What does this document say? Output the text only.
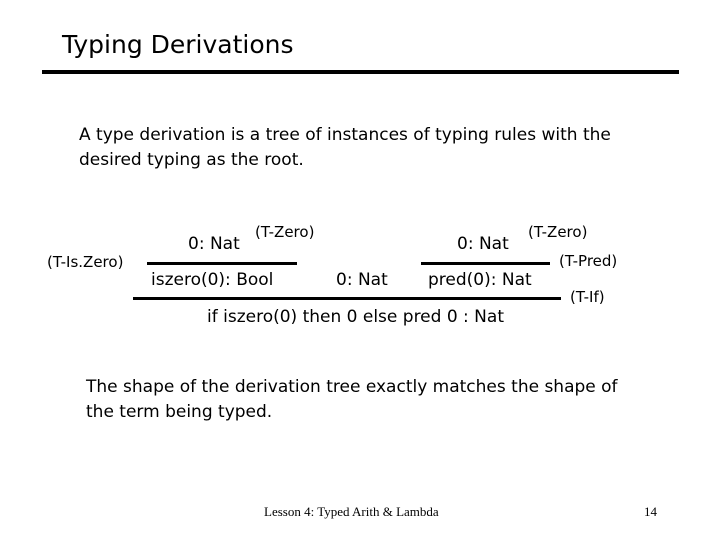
Typing Derivations
A type derivation is a tree of instances of typing rules with the desired typing as the root.
0: Nat
(T-Zero)
(T-Is.Zero)
iszero(0): Bool	0: Nat
0: Nat
(T-Zero)
(T-Pred)
pred(0): Nat
(T-If)
if iszero(0) then 0 else pred 0 : Nat
The shape of the derivation tree exactly matches the shape of the term being typed.
Lesson 4: Typed Arith & Lambda	14
